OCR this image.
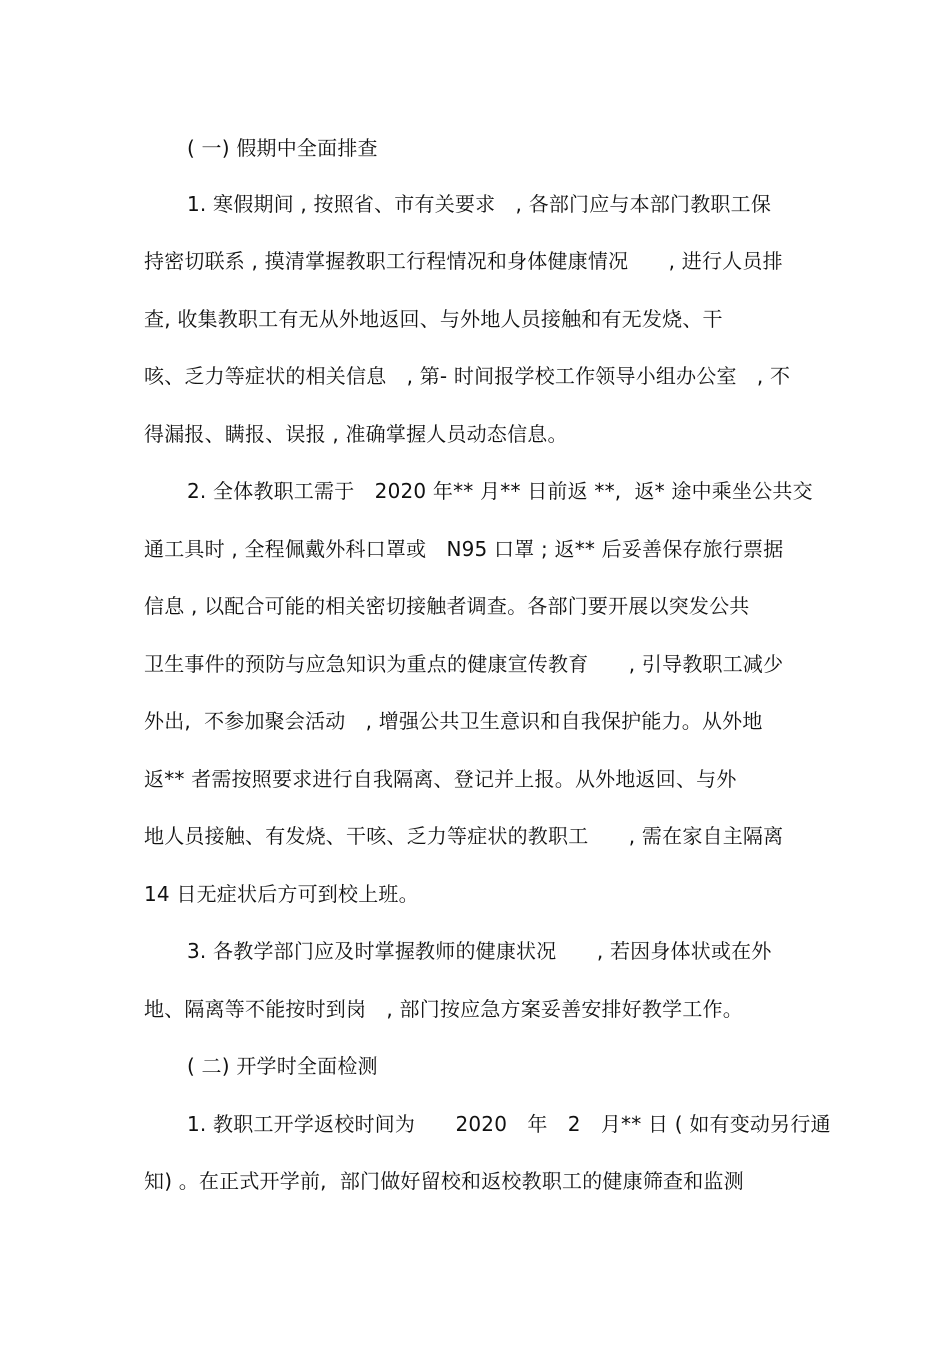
( 一) 假期中全面排查
1. 寒假期间 , 按照省、市有关要求　, 各部门应与本部门教职工保
持密切联系 , 摸清掌握教职工行程情况和身体健康情况　　, 进行人员排
查, 收集教职工有无从外地返回、与外地人员接触和有无发烧、干
咳、乏力等症状的相关信息　, 第- 时间报学校工作领导小组办公室　, 不
得漏报、瞒报、误报 , 准确掌握人员动态信息。
2. 全体教职工需于　2020 年** 月** 日前返 **,  返* 途中乘坐公共交
通工具时 , 全程佩戴外科口罩或　N95 口罩 ; 返** 后妥善保存旅行票据
信息 , 以配合可能的相关密切接触者调查。各部门要开展以突发公共
卫生事件的预防与应急知识为重点的健康宣传教育　　, 引导教职工减少
外出,  不参加聚会活动　, 增强公共卫生意识和自我保护能力。从外地
返** 者需按照要求进行自我隔离、登记并上报。从外地返回、与外
地人员接触、有发烧、干咳、乏力等症状的教职工　　, 需在家自主隔离
14 日无症状后方可到校上班。
3. 各教学部门应及时掌握教师的健康状况　　, 若因身体状或在外
地、隔离等不能按时到岗　, 部门按应急方案妥善安排好教学工作。
( 二) 开学时全面检测
1. 教职工开学返校时间为　　2020　年　2　月** 日 ( 如有变动另行通
知) 。在正式开学前,  部门做好留校和返校教职工的健康筛查和监测
